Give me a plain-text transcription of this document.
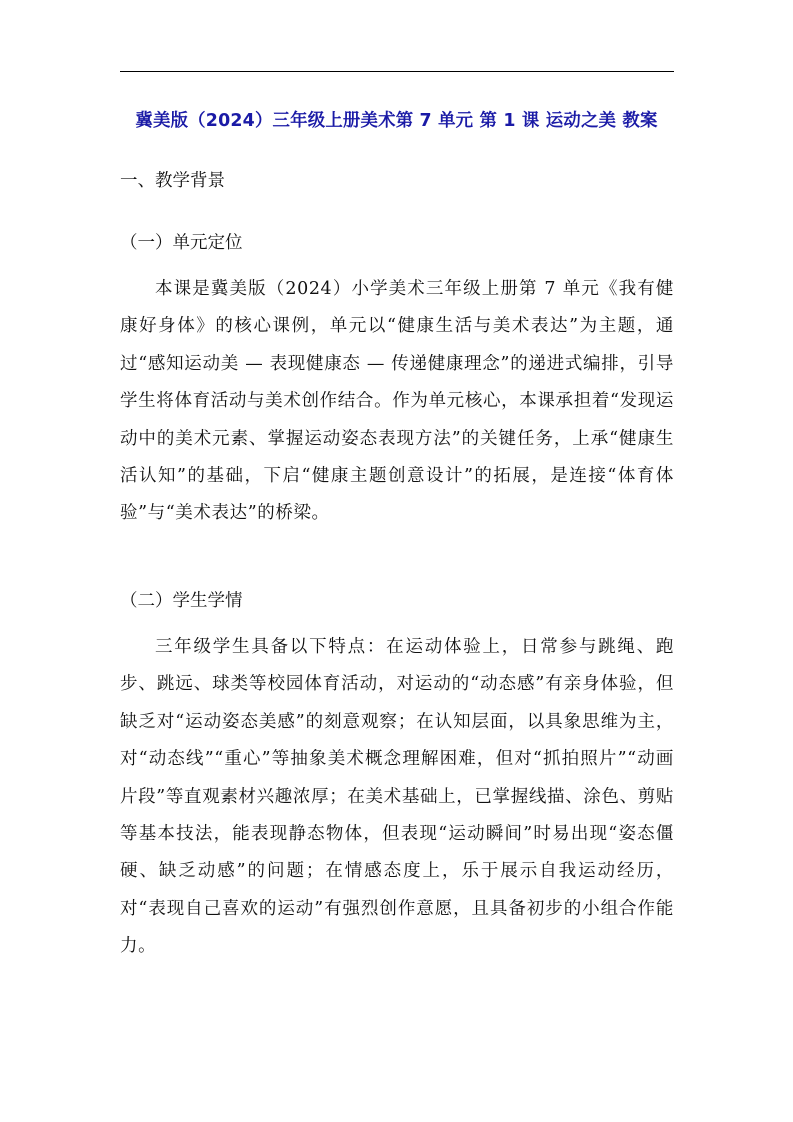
冀美版（2024）三年级上册美术第 7 单元 第 1 课 运动之美 教案
一、教学背景
（一）单元定位
本课是冀美版（2024）小学美术三年级上册第 7 单元《我有健康好身体》的核心课例，单元以“健康生活与美术表达”为主题，通过“感知运动美 — 表现健康态 — 传递健康理念”的递进式编排，引导学生将体育活动与美术创作结合。作为单元核心，本课承担着“发现运动中的美术元素、掌握运动姿态表现方法”的关键任务，上承“健康生活认知”的基础，下启“健康主题创意设计”的拓展，是连接“体育体验”与“美术表达”的桥梁。
（二）学生学情
三年级学生具备以下特点：在运动体验上，日常参与跳绳、跑步、跳远、球类等校园体育活动，对运动的“动态感”有亲身体验，但缺乏对“运动姿态美感”的刻意观察；在认知层面，以具象思维为主，对“动态线”“重心”等抽象美术概念理解困难，但对“抓拍照片”“动画片段”等直观素材兴趣浓厚；在美术基础上，已掌握线描、涂色、剪贴等基本技法，能表现静态物体，但表现“运动瞬间”时易出现“姿态僵硬、缺乏动感”的问题；在情感态度上，乐于展示自我运动经历，对“表现自己喜欢的运动”有强烈创作意愿，且具备初步的小组合作能力。
